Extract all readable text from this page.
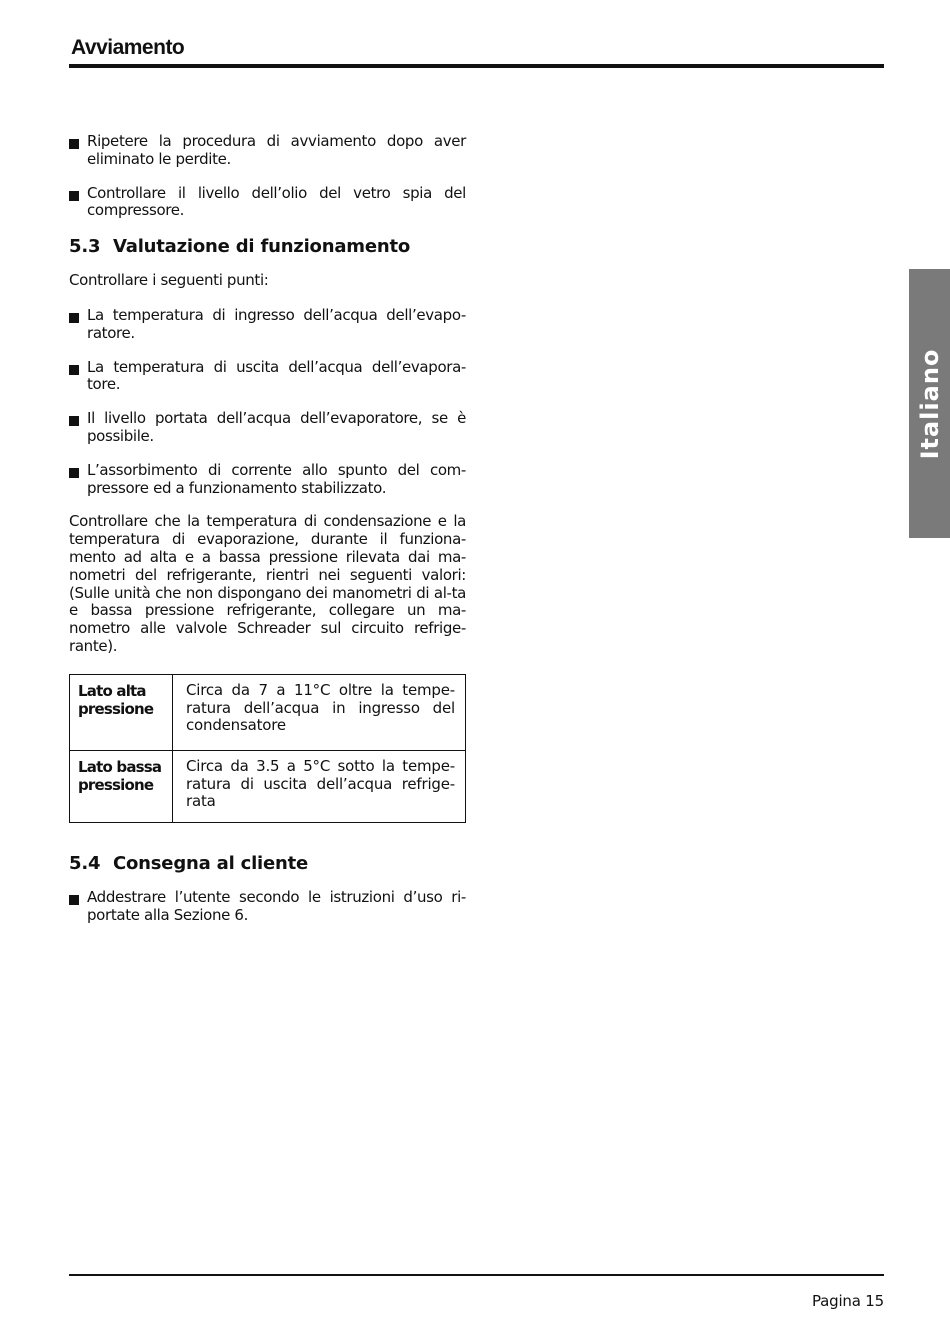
Avviamento
Ripetere la procedura di avviamento dopo aver eliminato le perdite.
Controllare il livello dell’olio del vetro spia del compressore.
5.3 Valutazione di funzionamento
Controllare i seguenti punti:
La temperatura di ingresso dell’acqua dell’evapo-ratore.
La temperatura di uscita dell’acqua dell’evapora-tore.
Il livello portata dell’acqua dell’evaporatore, se è possibile.
L’assorbimento di corrente allo spunto del com-pressore ed a funzionamento stabilizzato.
Controllare che la temperatura di condensazione e la temperatura di evaporazione, durante il funziona-mento ad alta e a bassa pressione rilevata dai ma-nometri del refrigerante, rientri nei seguenti valori: (Sulle unità che non dispongano dei manometri di al-ta e bassa pressione refrigerante, collegare un ma-nometro alle valvole Schreader sul circuito refrige-rante).
Lato alta pressione	Circa da 7 a 11°C oltre la tempe-ratura dell’acqua in ingresso del condensatore
Lato bassa pressione	Circa da 3.5 a 5°C sotto la tempe-ratura di uscita dell’acqua refrige-rata
5.4 Consegna al cliente
Addestrare l’utente secondo le istruzioni d’uso ri-portate alla Sezione 6.
Italiano
Pagina 15
